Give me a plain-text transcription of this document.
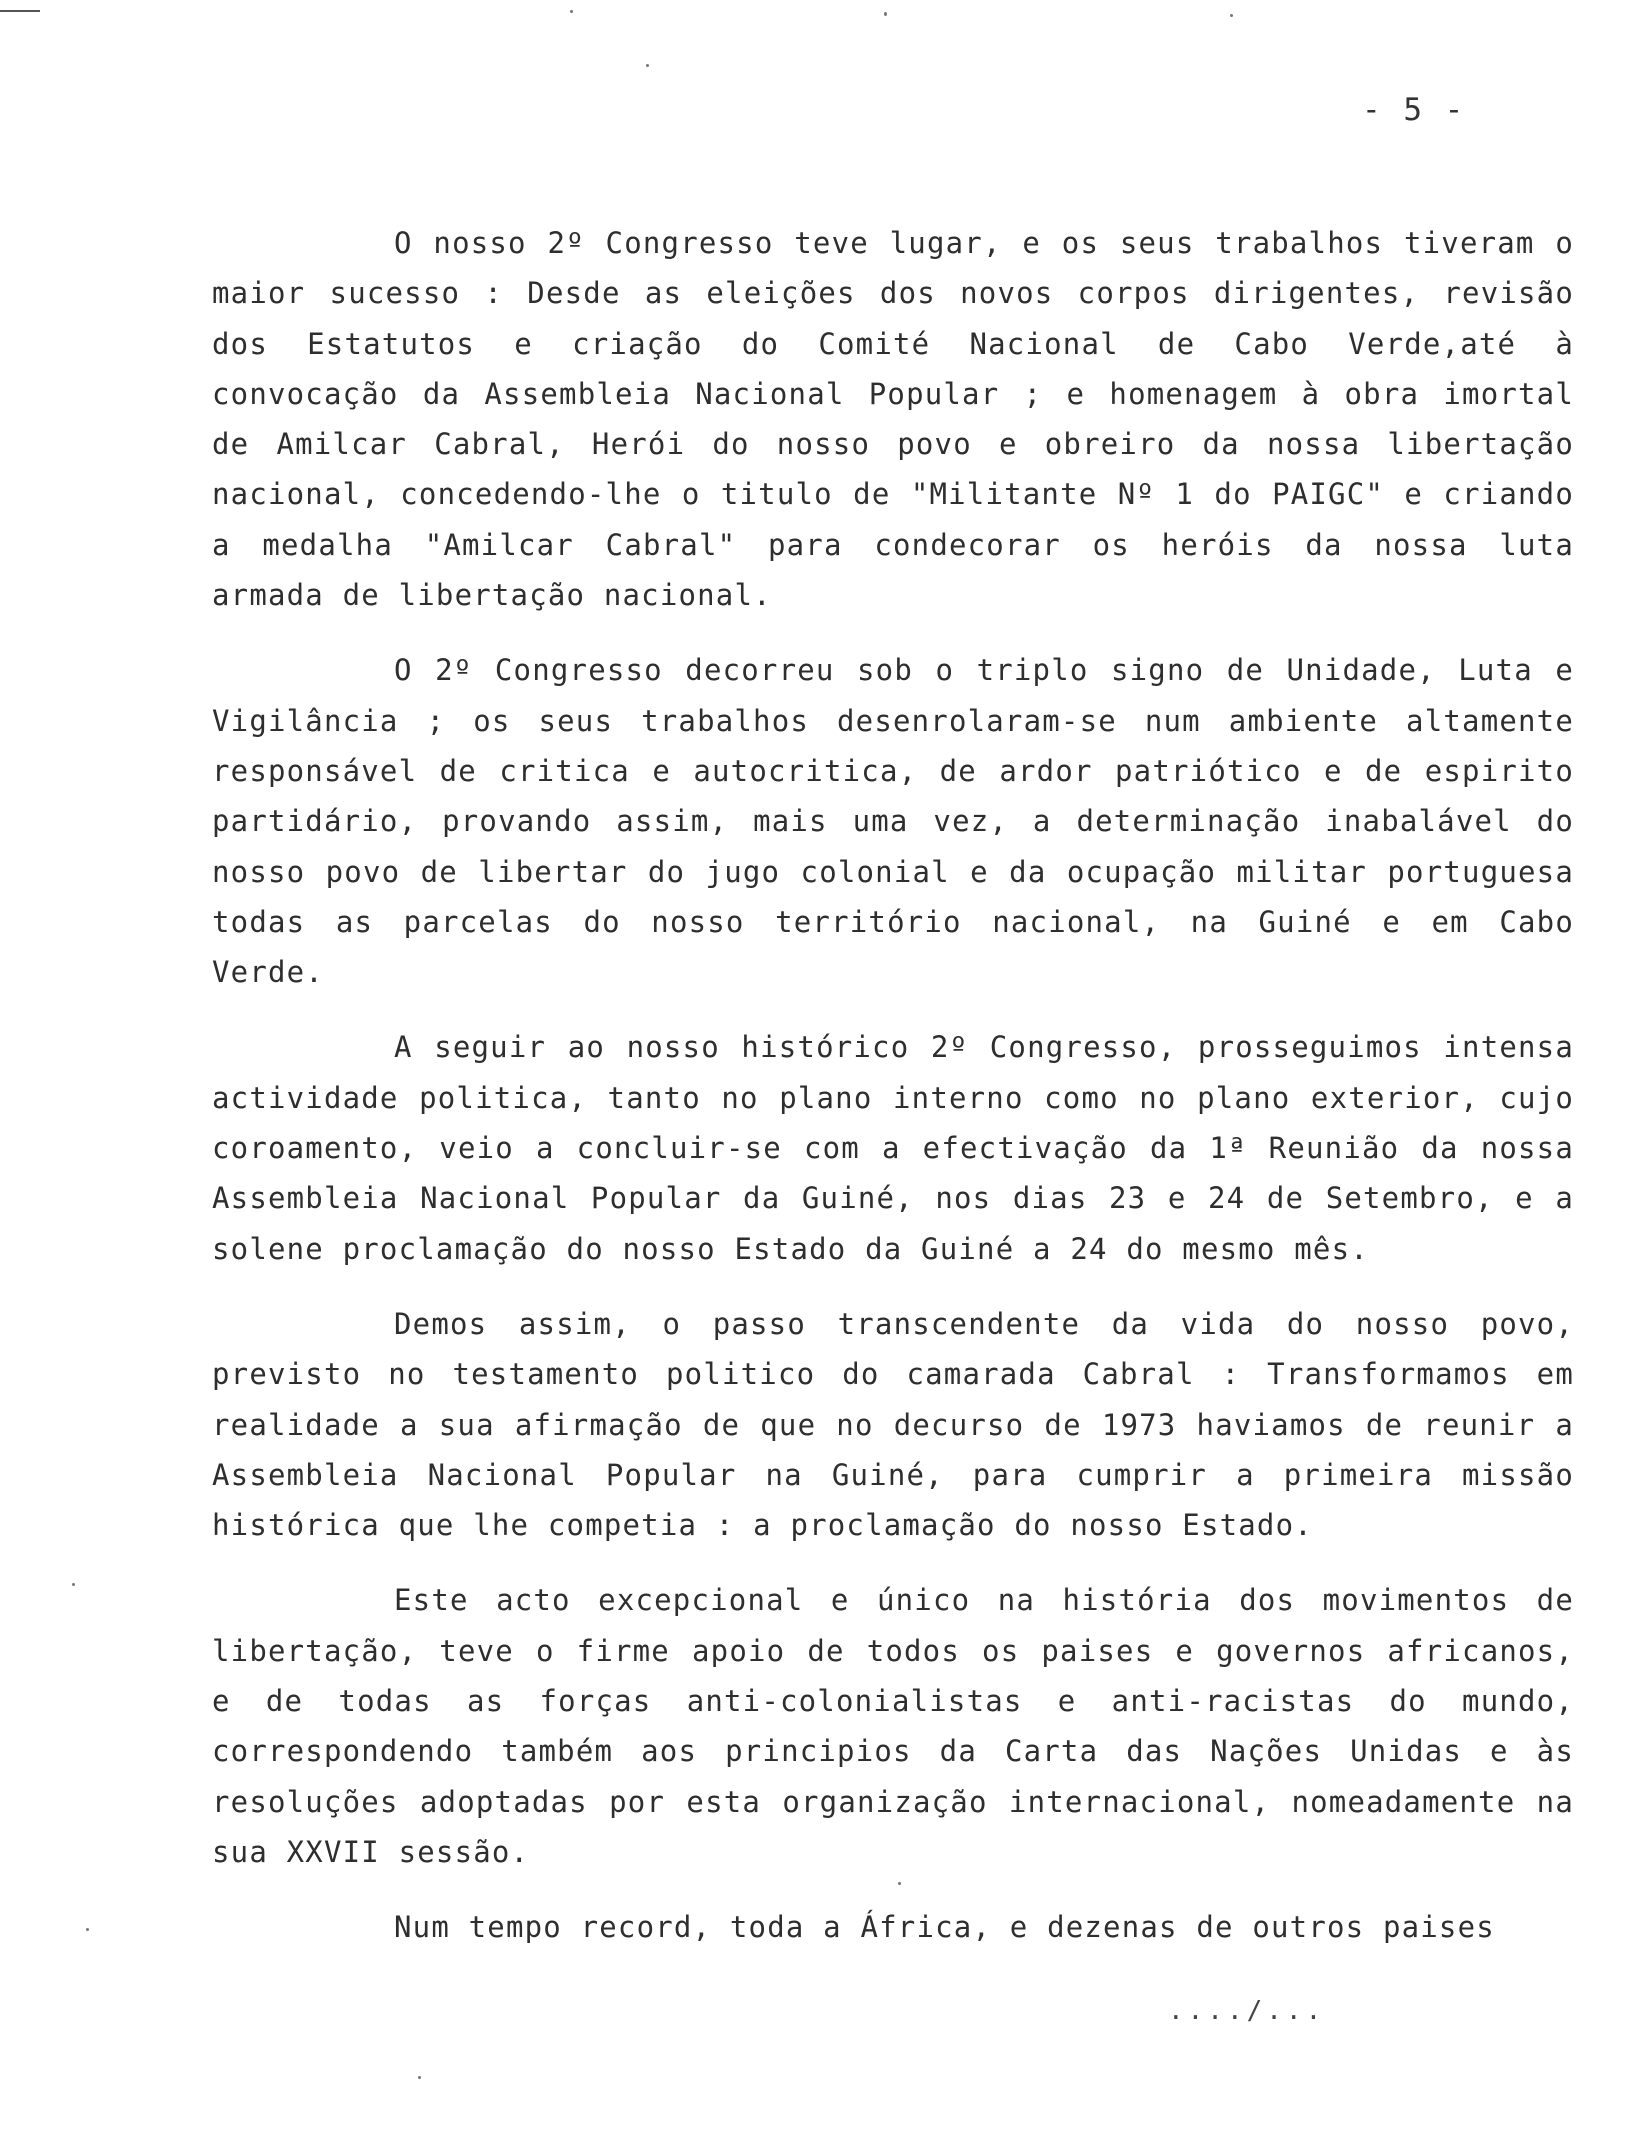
- 5 -

O nosso 2º Congresso teve lugar, e os seus trabalhos tiveram o maior sucesso : Desde as eleições dos novos corpos dirigentes, revisão dos Estatutos e criação do Comité Nacional de Cabo Verde,até à convocação da Assembleia Nacional Popular ; e homenagem à obra imortal de Amilcar Cabral, Herói do nosso povo e obreiro da nossa libertação nacional, concedendo-lhe o titulo de "Militante Nº 1 do PAIGC" e criando a medalha "Amilcar Cabral" para condecorar os heróis da nossa luta armada de libertação nacional.

O 2º Congresso decorreu sob o triplo signo de Unidade, Luta e Vigilância ; os seus trabalhos desenrolaram-se num ambiente altamente responsável de critica e autocritica, de ardor patriótico e de espirito partidário, provando assim, mais uma vez, a determinação inabalável do nosso povo de libertar do jugo colonial e da ocupação militar portuguesa todas as parcelas do nosso território nacional, na Guiné e em Cabo Verde.

A seguir ao nosso histórico 2º Congresso, prosseguimos intensa actividade politica, tanto no plano interno como no plano exterior, cujo coroamento, veio a concluir-se com a efectivação da 1ª Reunião da nossa Assembleia Nacional Popular da Guiné, nos dias 23 e 24 de Setembro, e a solene proclamação do nosso Estado da Guiné a 24 do mesmo mês.

Demos assim, o passo transcendente da vida do nosso povo, previsto no testamento politico do camarada Cabral : Transformamos em realidade a sua afirmação de que no decurso de 1973 haviamos de reunir a Assembleia Nacional Popular na Guiné, para cumprir a primeira missão histórica que lhe competia : a proclamação do nosso Estado.

Este acto excepcional e único na história dos movimentos de libertação, teve o firme apoio de todos os paises e governos africanos, e de todas as forças anti-colonialistas e anti-racistas do mundo, correspondendo também aos principios da Carta das Nações Unidas e às resoluções adoptadas por esta organização internacional, nomeadamente na sua XXVII sessão.

Num tempo record, toda a África, e dezenas de outros paises

..../...
